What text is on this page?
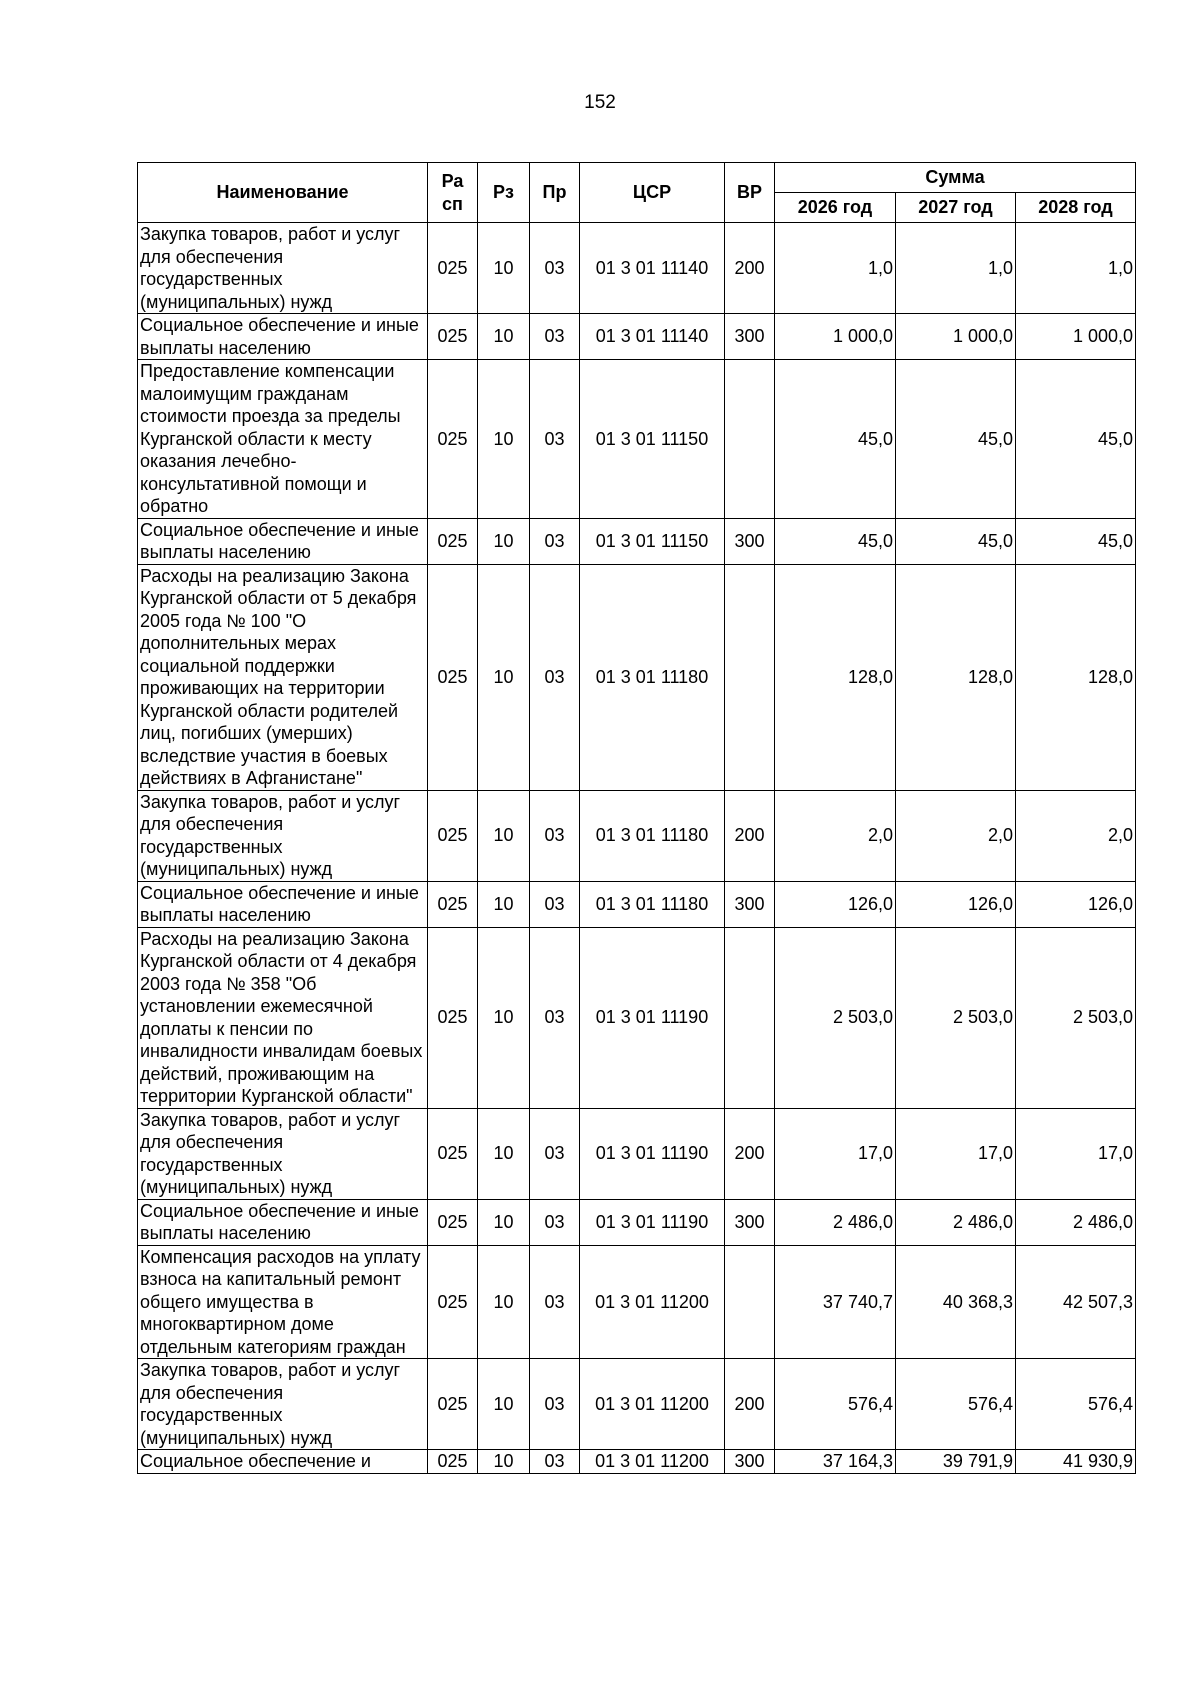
152
Наименование	Ра сп	Рз	Пр	ЦСР	ВР	Сумма		
						2026 год	2027 год	2028 год
Закупка товаров, работ и услуг для обеспечения государственных (муниципальных) нужд	025	10	03	01 3 01 11140	200	1,0	1,0	1,0
Социальное обеспечение и иные выплаты населению	025	10	03	01 3 01 11140	300	1 000,0	1 000,0	1 000,0
Предоставление компенсации малоимущим гражданам стоимости проезда за пределы Курганской области к месту оказания лечебно-консультативной помощи и обратно	025	10	03	01 3 01 11150		45,0	45,0	45,0
Социальное обеспечение и иные выплаты населению	025	10	03	01 3 01 11150	300	45,0	45,0	45,0
Расходы на реализацию Закона Курганской области от 5 декабря 2005 года № 100 "О дополнительных мерах социальной поддержки проживающих на территории Курганской области родителей лиц, погибших (умерших) вследствие участия в боевых действиях в Афганистане"	025	10	03	01 3 01 11180		128,0	128,0	128,0
Закупка товаров, работ и услуг для обеспечения государственных (муниципальных) нужд	025	10	03	01 3 01 11180	200	2,0	2,0	2,0
Социальное обеспечение и иные выплаты населению	025	10	03	01 3 01 11180	300	126,0	126,0	126,0
Расходы на реализацию Закона Курганской области от 4 декабря 2003 года № 358 "Об установлении ежемесячной доплаты к пенсии по инвалидности инвалидам боевых действий, проживающим на территории Курганской области"	025	10	03	01 3 01 11190		2 503,0	2 503,0	2 503,0
Закупка товаров, работ и услуг для обеспечения государственных (муниципальных) нужд	025	10	03	01 3 01 11190	200	17,0	17,0	17,0
Социальное обеспечение и иные выплаты населению	025	10	03	01 3 01 11190	300	2 486,0	2 486,0	2 486,0
Компенсация расходов на уплату взноса на капитальный ремонт общего имущества в многоквартирном доме отдельным категориям граждан	025	10	03	01 3 01 11200		37 740,7	40 368,3	42 507,3
Закупка товаров, работ и услуг для обеспечения государственных (муниципальных) нужд	025	10	03	01 3 01 11200	200	576,4	576,4	576,4
Социальное обеспечение и	025	10	03	01 3 01 11200	300	37 164,3	39 791,9	41 930,9
